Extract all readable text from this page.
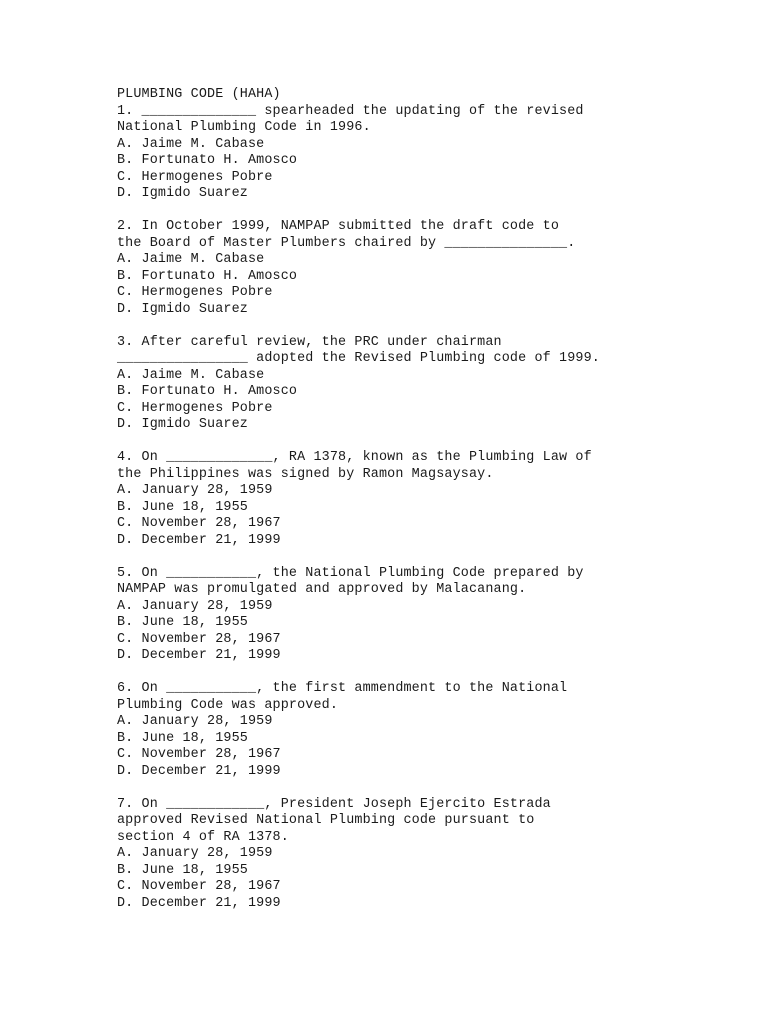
PLUMBING CODE (HAHA)
1. ______________ spearheaded the updating of the revised
National Plumbing Code in 1996.
A. Jaime M. Cabase
B. Fortunato H. Amosco
C. Hermogenes Pobre
D. Igmido Suarez
2. In October 1999, NAMPAP submitted the draft code to
the Board of Master Plumbers chaired by _______________.
A. Jaime M. Cabase
B. Fortunato H. Amosco
C. Hermogenes Pobre
D. Igmido Suarez
3. After careful review, the PRC under chairman
________________ adopted the Revised Plumbing code of 1999.
A. Jaime M. Cabase
B. Fortunato H. Amosco
C. Hermogenes Pobre
D. Igmido Suarez
4. On _____________, RA 1378, known as the Plumbing Law of
the Philippines was signed by Ramon Magsaysay.
A. January 28, 1959
B. June 18, 1955
C. November 28, 1967
D. December 21, 1999
5. On ___________, the National Plumbing Code prepared by
NAMPAP was promulgated and approved by Malacanang.
A. January 28, 1959
B. June 18, 1955
C. November 28, 1967
D. December 21, 1999
6. On ___________, the first ammendment to the National
Plumbing Code was approved.
A. January 28, 1959
B. June 18, 1955
C. November 28, 1967
D. December 21, 1999
7. On ____________, President Joseph Ejercito Estrada
approved Revised National Plumbing code pursuant to
section 4 of RA 1378.
A. January 28, 1959
B. June 18, 1955
C. November 28, 1967
D. December 21, 1999
